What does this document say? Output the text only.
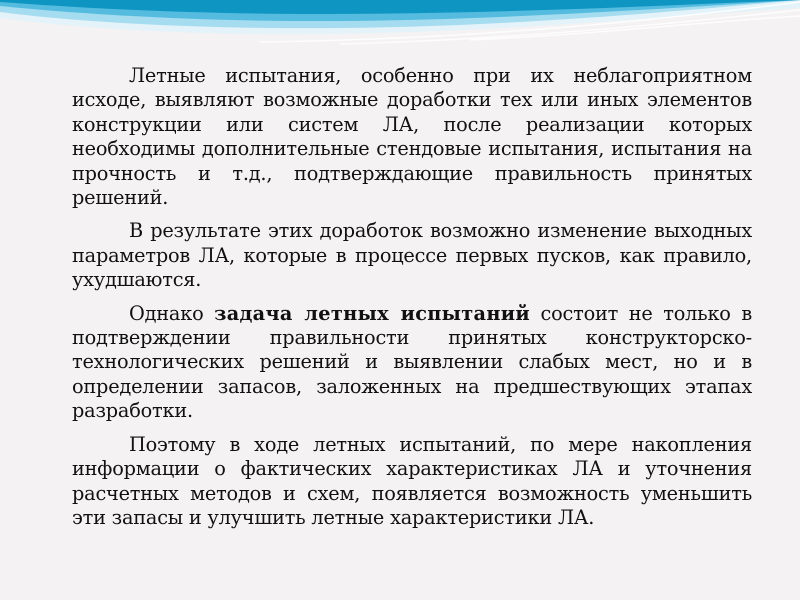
Летные испытания, особенно при их неблагоприятном исходе, выявляют возможные доработки тех или иных элементов конструкции или систем ЛА, после реализации которых необходимы дополнительные стендовые испытания, испытания на прочность и т.д., подтверждающие правильность принятых решений.

В результате этих доработок возможно изменение выходных параметров ЛА, которые в процессе первых пусков, как правило, ухудшаются.

Однако задача летных испытаний состоит не только в подтверждении правильности принятых конструкторско-технологических решений и выявлении слабых мест, но и в определении запасов, заложенных на предшествующих этапах разработки.

Поэтому в ходе летных испытаний, по мере накопления информации о фактических характеристиках ЛА и уточнения расчетных методов и схем, появляется возможность уменьшить эти запасы и улучшить летные характеристики ЛА.
